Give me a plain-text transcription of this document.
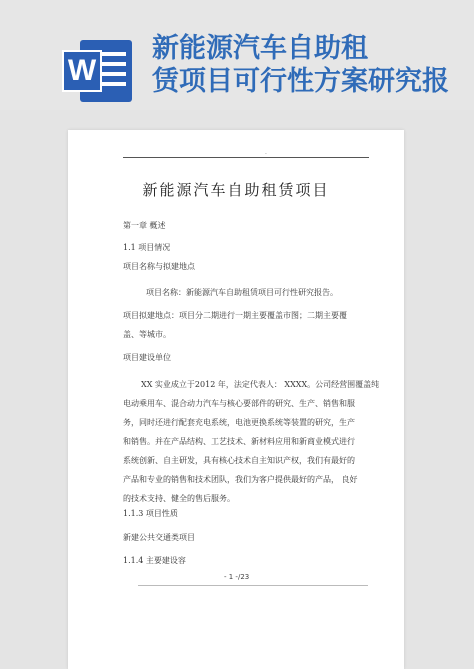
W
新能源汽车自助租
赁项目可行性方案研究报
·
新能源汽车自助租赁项目
第一章 概述
1.1 项目情况
项目名称与拟建地点
项目名称：新能源汽车自助租赁项目可行性研究报告。
项目拟建地点：项目分二期进行一期主要覆盖市图；二期主要覆
盖、等城市。
项目建设单位
XX 实业成立于2012 年，法定代表人： XXXX。公司经营围覆盖纯
电动乘用车、混合动力汽车与核心要部件的研究、生产、销售和服
务，同时还进行配套充电系统，电池更换系统等装置的研究，生产
和销售。并在产品结构、工艺技术、新材料应用和新商业模式进行
系统创新、自主研发，具有核心技术自主知识产权，我们有最好的
产品和专业的销售和技术团队，我们为客户提供最好的产品， 良好
的技术支持、健全的售后服务。
1.1.3 项目性质
新建公共交通类项目
1.1.4 主要建设容
- 1 -/23
